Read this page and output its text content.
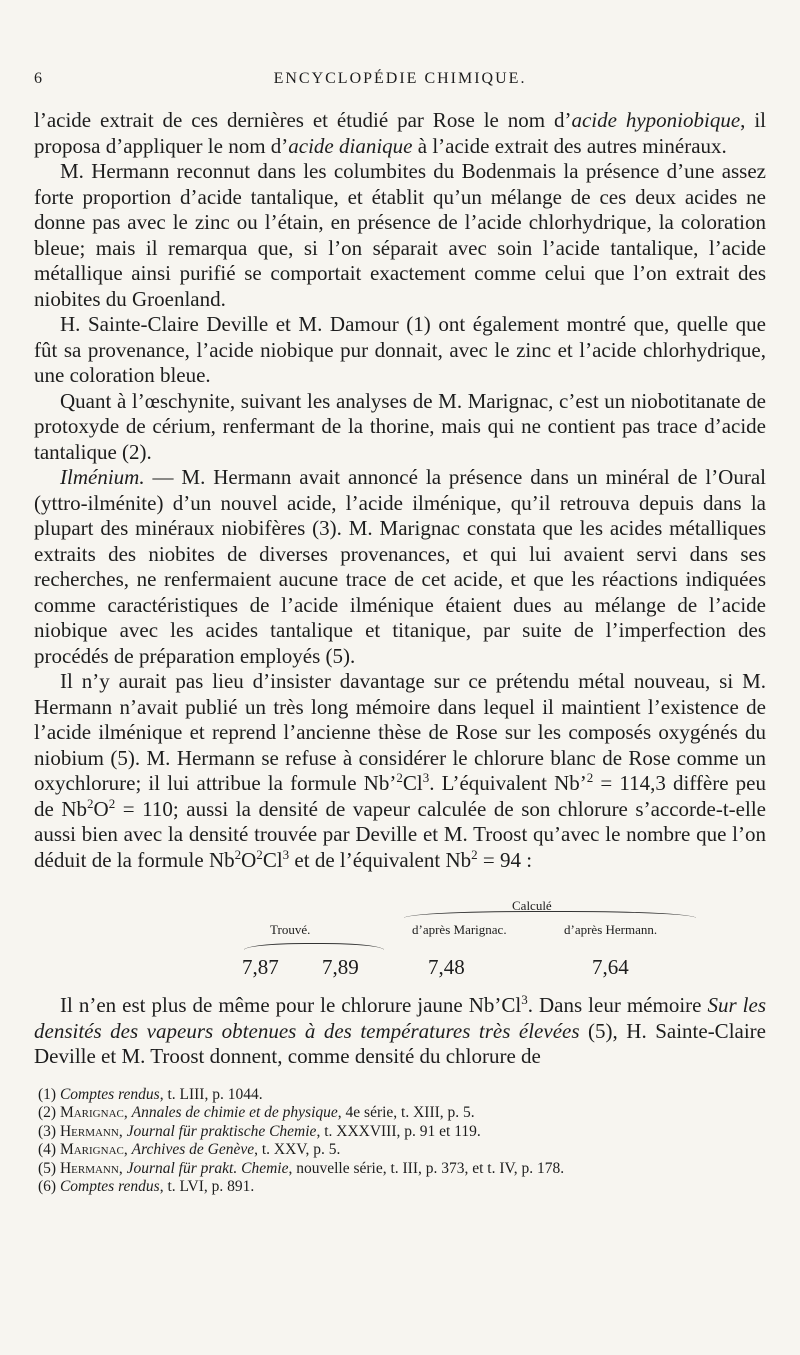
6	ENCYCLOPÉDIE CHIMIQUE.

l’acide extrait de ces dernières et étudié par Rose le nom d’acide hyponiobique, il proposa d’appliquer le nom d’acide dianique à l’acide extrait des autres minéraux.

M. Hermann reconnut dans les columbites du Bodenmais la présence d’une assez forte proportion d’acide tantalique, et établit qu’un mélange de ces deux acides ne donne pas avec le zinc ou l’étain, en présence de l’acide chlorhydrique, la coloration bleue; mais il remarqua que, si l’on séparait avec soin l’acide tantalique, l’acide métallique ainsi purifié se comportait exactement comme celui que l’on extrait des niobites du Groenland.

H. Sainte-Claire Deville et M. Damour (1) ont également montré que, quelle que fût sa provenance, l’acide niobique pur donnait, avec le zinc et l’acide chlorhydrique, une coloration bleue.

Quant à l’œschynite, suivant les analyses de M. Marignac, c’est un niobotitanate de protoxyde de cérium, renfermant de la thorine, mais qui ne contient pas trace d’acide tantalique (2).

Ilménium. — M. Hermann avait annoncé la présence dans un minéral de l’Oural (yttro-ilménite) d’un nouvel acide, l’acide ilménique, qu’il retrouva depuis dans la plupart des minéraux niobifères (3). M. Marignac constata que les acides métalliques extraits des niobites de diverses provenances, et qui lui avaient servi dans ses recherches, ne renfermaient aucune trace de cet acide, et que les réactions indiquées comme caractéristiques de l’acide ilménique étaient dues au mélange de l’acide niobique avec les acides tantalique et titanique, par suite de l’imperfection des procédés de préparation employés (5).

Il n’y aurait pas lieu d’insister davantage sur ce prétendu métal nouveau, si M. Hermann n’avait publié un très long mémoire dans lequel il maintient l’existence de l’acide ilménique et reprend l’ancienne thèse de Rose sur les composés oxygénés du niobium (5). M. Hermann se refuse à considérer le chlorure blanc de Rose comme un oxychlorure; il lui attribue la formule Nb’$^2$Cl$^3$. L’équivalent Nb’$^2$ = 114,3 diffère peu de $Nb^2O^2 = 110$; aussi la densité de vapeur calculée de son chlorure s’accorde-t-elle aussi bien avec la densité trouvée par Deville et M. Troost qu’avec le nombre que l’on déduit de la formule $Nb^2O^2Cl^3$ et de l’équivalent $Nb^2 = 94$ :

Calculé
Trouvé.	d’après Marignac.	d’après Hermann.
7,87 7,89	7,48	7,64

Il n’en est plus de même pour le chlorure jaune Nb’Cl$^3$. Dans leur mémoire Sur les densités des vapeurs obtenues à des températures très élevées (5), H. Sainte-Claire Deville et M. Troost donnent, comme densité du chlorure de

(1) Comptes rendus, t. LIII, p. 1044.
(2) Marignac, Annales de chimie et de physique, 4e série, t. XIII, p. 5.
(3) Hermann, Journal für praktische Chemie, t. XXXVIII, p. 91 et 119.
(4) Marignac, Archives de Genève, t. XXV, p. 5.
(5) Hermann, Journal für prakt. Chemie, nouvelle série, t. III, p. 373, et t. IV, p. 178.
(6) Comptes rendus, t. LVI, p. 891.
